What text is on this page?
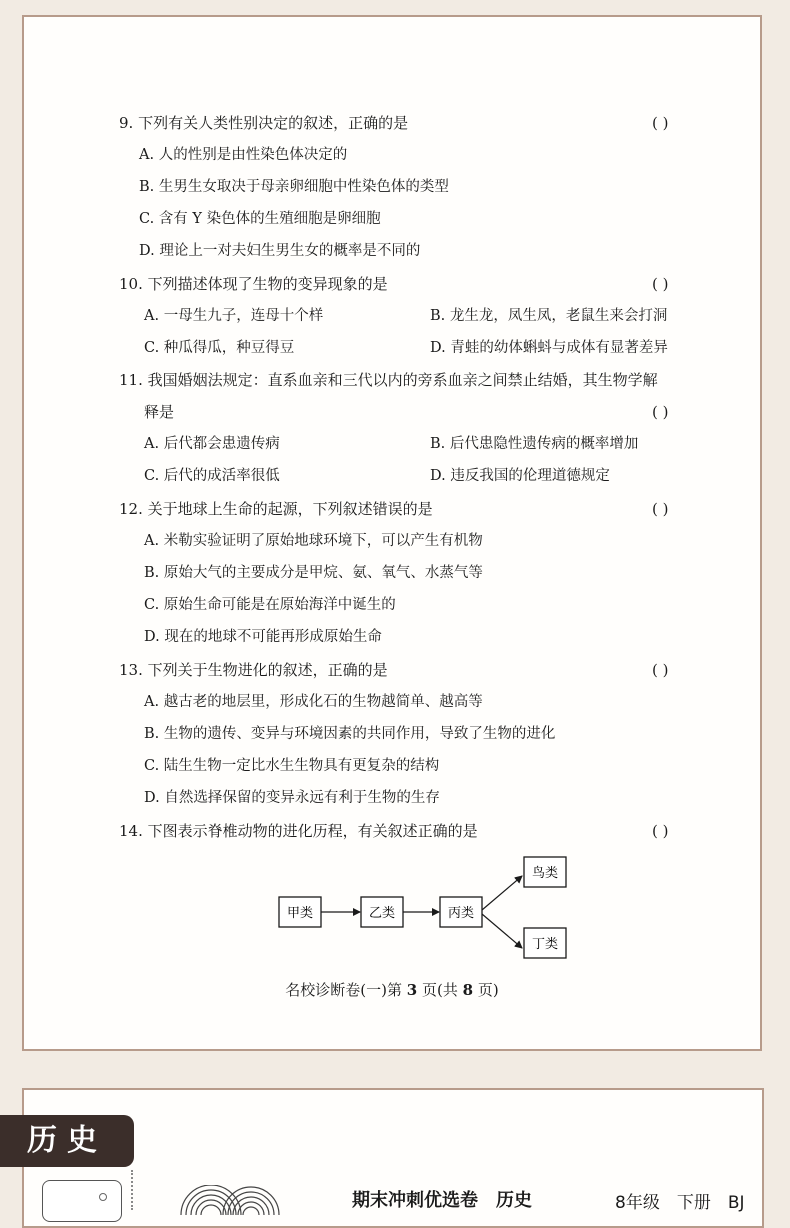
9. 下列有关人类性别决定的叙述，正确的是	( )
A. 人的性别是由性染色体决定的
B. 生男生女取决于母亲卵细胞中性染色体的类型
C. 含有 Y 染色体的生殖细胞是卵细胞
D. 理论上一对夫妇生男生女的概率是不同的
10. 下列描述体现了生物的变异现象的是	( )
A. 一母生九子，连母十个样	B. 龙生龙，凤生凤，老鼠生来会打洞
C. 种瓜得瓜，种豆得豆	D. 青蛙的幼体蝌蚪与成体有显著差异
11. 我国婚姻法规定：直系血亲和三代以内的旁系血亲之间禁止结婚，其生物学解
释是	( )
A. 后代都会患遗传病	B. 后代患隐性遗传病的概率增加
C. 后代的成活率很低	D. 违反我国的伦理道德规定
12. 关于地球上生命的起源，下列叙述错误的是	( )
A. 米勒实验证明了原始地球环境下，可以产生有机物
B. 原始大气的主要成分是甲烷、氨、氧气、水蒸气等
C. 原始生命可能是在原始海洋中诞生的
D. 现在的地球不可能再形成原始生命
13. 下列关于生物进化的叙述，正确的是	( )
A. 越古老的地层里，形成化石的生物越简单、越高等
B. 生物的遗传、变异与环境因素的共同作用，导致了生物的进化
C. 陆生生物一定比水生生物具有更复杂的结构
D. 自然选择保留的变异永远有利于生物的生存
14. 下图表示脊椎动物的进化历程，有关叙述正确的是	( )
甲类	乙类	丙类
鸟类
丁类
名校诊断卷(一)第 3 页(共 8 页)
历史
期末冲刺优选卷　历史	8年级　下册　BJ
